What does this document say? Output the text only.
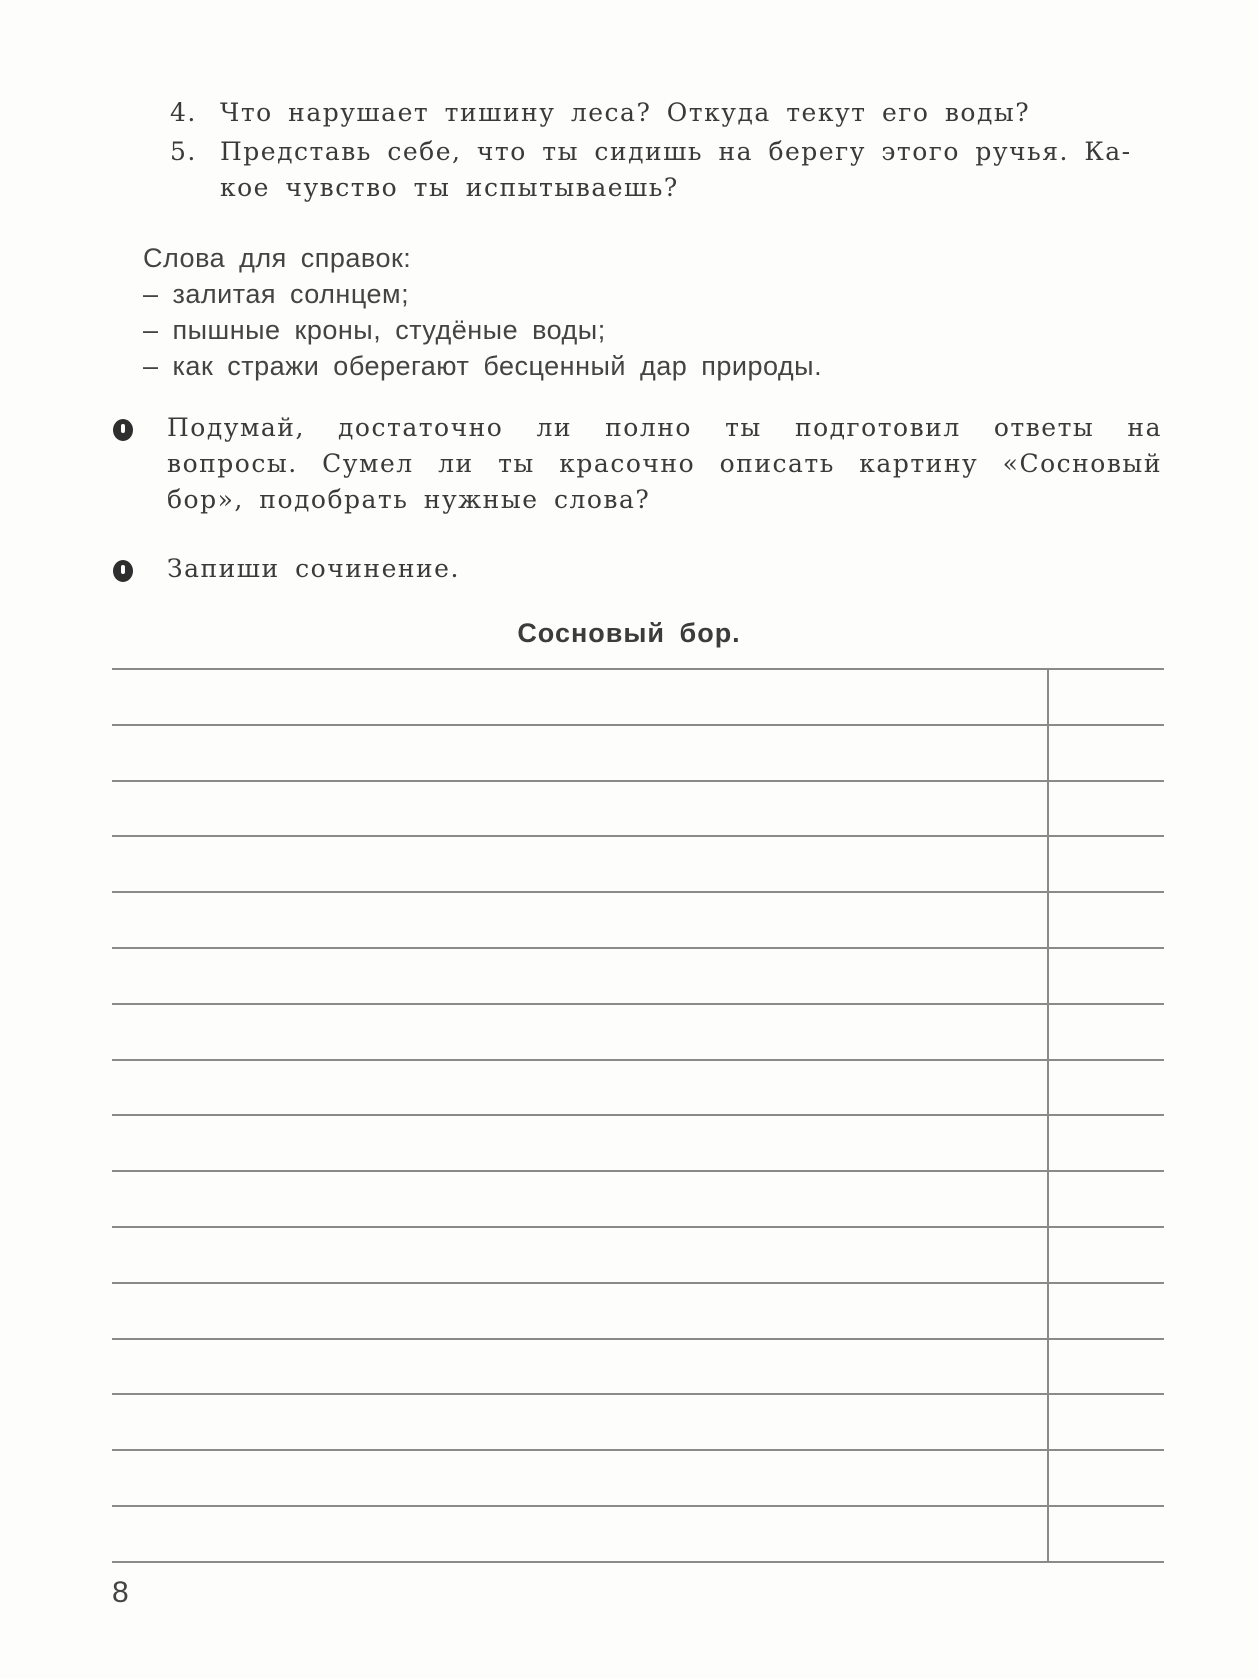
4. Что нарушает тишину леса? Откуда текут его воды?
5. Представь себе, что ты сидишь на берегу этого ручья. Ка-
кое чувство ты испытываешь?
Слова для справок:
– залитая солнцем;
– пышные кроны, студёные воды;
– как стражи оберегают бесценный дар природы.
Подумай, достаточно ли полно ты подготовил ответы на вопросы. Сумел ли ты красочно описать картину «Сосновый бор», подобрать нужные слова?
Запиши сочинение.
Сосновый бор.
8
